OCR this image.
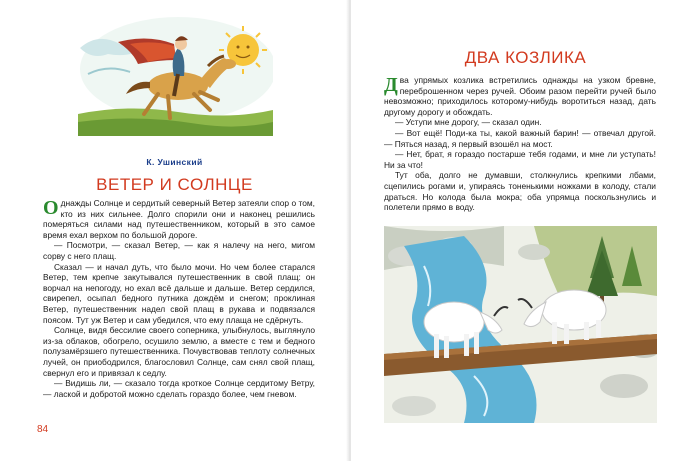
К. Ушинский
ВЕТЕР И СОЛНЦЕ

Однажды Солнце и сердитый северный Ветер затеяли спор о том, кто из них сильнее. Долго спорили они и наконец решились померяться силами над путешественником, который в это самое время ехал верхом по большой дороге.

— Посмотри, — сказал Ветер, — как я налечу на него, мигом сорву с него плащ.

Сказал — и начал дуть, что было мочи. Но чем более старался Ветер, тем крепче закутывался путешественник в свой плащ: он ворчал на непогоду, но ехал всё дальше и дальше. Ветер сердился, свирепел, осыпал бедного путника дождём и снегом; проклиная Ветер, путешественник надел свой плащ в рукава и подвязался поясом. Тут уж Ветер и сам убедился, что ему плаща не сдёрнуть.

Солнце, видя бессилие своего соперника, улыбнулось, выглянуло из-за облаков, обогрело, осушило землю, а вместе с тем и бедного полузамёрзшего путешественника. Почувствовав теплоту солнечных лучей, он приободрился, благословил Солнце, сам снял свой плащ, свернул его и привязал к седлу.

— Видишь ли, — сказало тогда кроткое Солнце сердитому Ветру, — лаской и добротой можно сделать гораздо более, чем гневом.

84
ДВА КОЗЛИКА

Два упрямых козлика встретились однажды на узком бревне, переброшенном через ручей. Обоим разом перейти ручей было невозможно; приходилось которому-нибудь воротиться назад, дать другому дорогу и обождать.

— Уступи мне дорогу, — сказал один.

— Вот ещё! Поди-ка ты, какой важный барин! — отвечал другой. — Пяться назад, я первый взошёл на мост.

— Нет, брат, я гораздо постарше тебя годами, и мне ли уступать! Ни за что!

Тут оба, долго не думавши, столкнулись крепкими лбами, сцепились рогами и, упираясь тоненькими ножками в колоду, стали драться. Но колода была мокра; оба упрямца поскользнулись и полетели прямо в воду.
